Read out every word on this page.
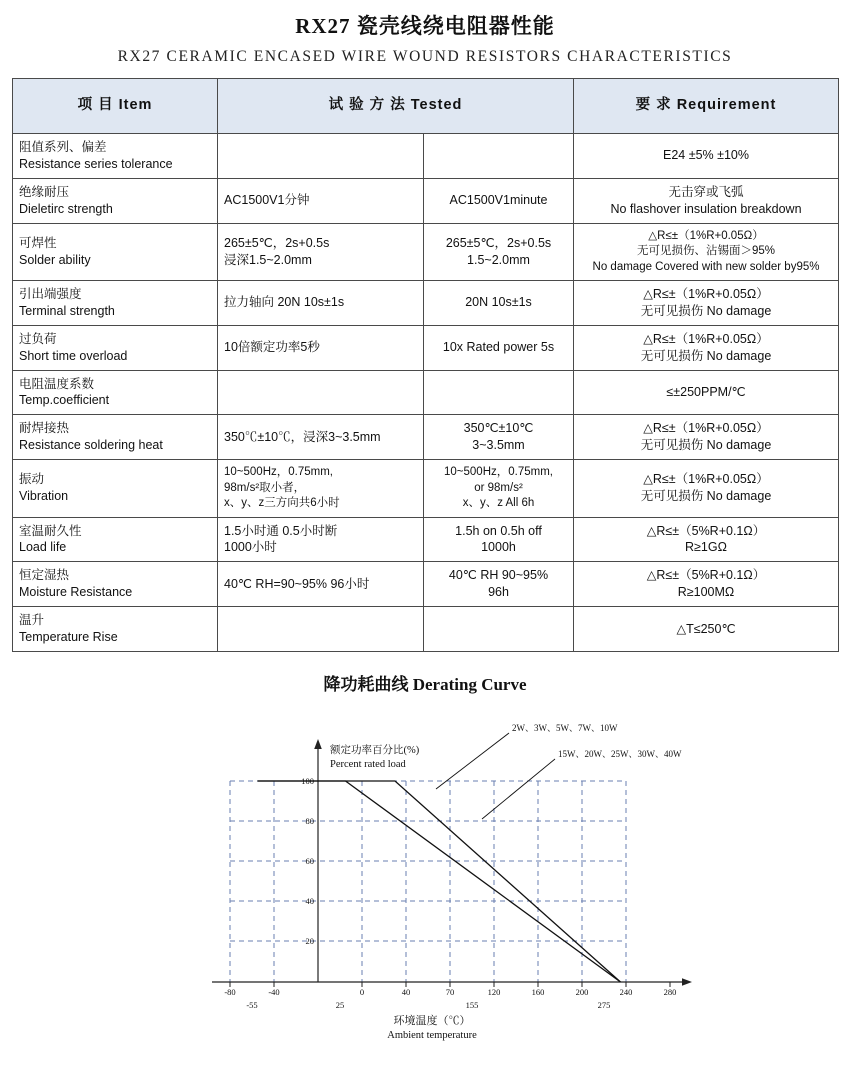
RX27 瓷壳线绕电阻器性能
RX27 CERAMIC ENCASED WIRE WOUND RESISTORS CHARACTERISTICS
项 目 Item	试 验 方 法 Tested		要 求 Requirement

阻值系列、偏差
Resistance series tolerance			E24 ±5% ±10%

绝缘耐压
Dieletirc strength	AC1500V1分钟	AC1500V1minute	无击穿或飞弧
No flashover insulation breakdown

可焊性
Solder ability	265±5℃，2s+0.5s
浸深1.5~2.0mm	265±5℃，2s+0.5s
1.5~2.0mm	△R≤±（1%R+0.05Ω）
无可见损伤、沾锡面＞95%
No damage Covered with new solder by95%

引出端强度
Terminal strength	拉力轴向 20N 10s±1s	20N 10s±1s	△R≤±（1%R+0.05Ω）
无可见损伤 No damage

过负荷
Short time overload	10倍额定功率5秒	10x Rated power 5s	△R≤±（1%R+0.05Ω）
无可见损伤 No damage

电阻温度系数
Temp.coefficient			≤±250PPM/℃

耐焊接热
Resistance soldering heat	350℃±10℃，浸深3~3.5mm	350℃±10℃
3~3.5mm	△R≤±（1%R+0.05Ω）
无可见损伤 No damage

振动
Vibration	10~500Hz，0.75mm,
98m/s²取小者，
x、y、z三方向共6小时	10~500Hz，0.75mm,
or 98m/s²
x、y、z All 6h	△R≤±（1%R+0.05Ω）
无可见损伤 No damage

室温耐久性
Load life	1.5小时通 0.5小时断
1000小时	1.5h on 0.5h off
1000h	△R≤±（5%R+0.1Ω）
R≥1GΩ

恒定湿热
Moisture Resistance	40℃ RH=90~95% 96小时	40℃ RH 90~95%
96h	△R≤±（5%R+0.1Ω）
R≥100MΩ

温升
Temperature Rise			△T≤250℃
降功耗曲线 Derating Curve
100
80
60
40
20
-80	-40	0	40	70	120	160	200	240	280
-55	25	155	275
2W、3W、5W、7W、10W
15W、20W、25W、30W、40W
额定功率百分比(%)
Percent rated load
环境温度（℃）
Ambient temperature
